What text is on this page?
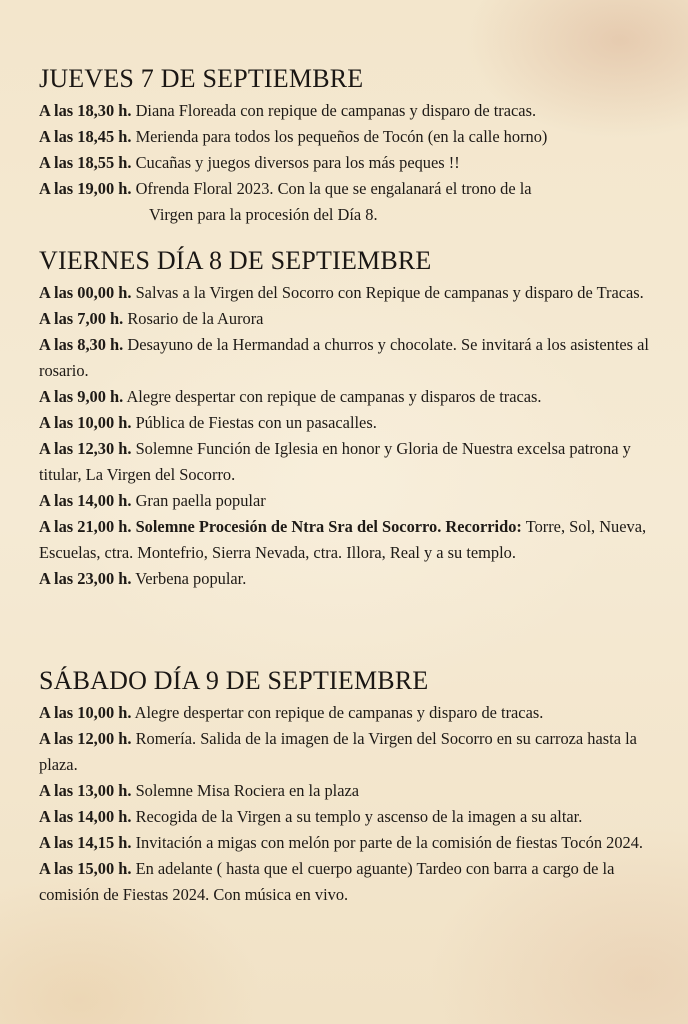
JUEVES 7 DE SEPTIEMBRE

A las 18,30 h. Diana Floreada con repique de campanas y disparo de tracas.

A las 18,45 h. Merienda para todos los pequeños de Tocón (en la calle horno)

A las 18,55 h. Cucañas y juegos diversos para los más peques !!

A las 19,00 h. Ofrenda Floral 2023. Con la que se engalanará el trono de la
Virgen para la procesión del Día 8.

VIERNES DÍA 8 DE SEPTIEMBRE

A las 00,00 h. Salvas a la Virgen del Socorro con Repique de campanas y disparo de Tracas.

A las 7,00 h. Rosario de la Aurora

A las 8,30 h. Desayuno de la Hermandad a churros y chocolate. Se invitará a los asistentes al rosario.

A las 9,00 h. Alegre despertar con repique de campanas y disparos de tracas.

A las 10,00 h. Pública de Fiestas con un pasacalles.

A las 12,30 h. Solemne Función de Iglesia en honor y Gloria de Nuestra excelsa patrona y titular, La Virgen del Socorro.

A las 14,00 h. Gran paella popular

A las 21,00 h. Solemne Procesión de Ntra Sra del Socorro. Recorrido: Torre, Sol, Nueva, Escuelas, ctra. Montefrio, Sierra Nevada, ctra. Illora, Real y a su templo.

A las 23,00 h. Verbena popular.

SÁBADO DÍA 9 DE SEPTIEMBRE

A las 10,00 h. Alegre despertar con repique de campanas y disparo de tracas.

A las 12,00 h. Romería. Salida de la imagen de la Virgen del Socorro en su carroza hasta la plaza.

A las 13,00 h. Solemne Misa Rociera en la plaza

A las 14,00 h. Recogida de la Virgen a su templo y ascenso de la imagen a su altar.

A las 14,15 h. Invitación a migas con melón por parte de la comisión de fiestas Tocón 2024.

A las 15,00 h. En adelante ( hasta que el cuerpo aguante) Tardeo con barra a cargo de la comisión de Fiestas 2024. Con música en vivo.
